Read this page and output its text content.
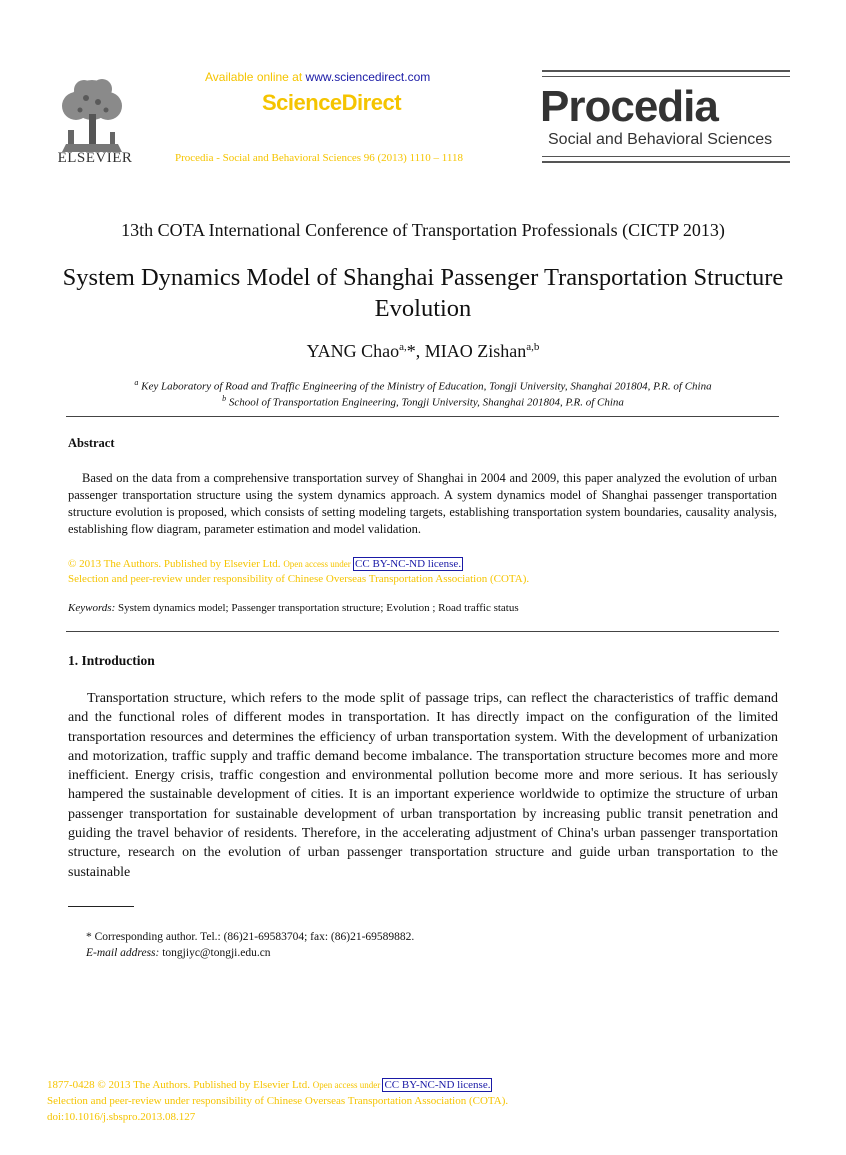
ELSEVIER
Available online at www.sciencedirect.com
ScienceDirect
Procedia - Social and Behavioral Sciences 96 (2013) 1110 – 1118
Procedia
Social and Behavioral Sciences
13th COTA International Conference of Transportation Professionals (CICTP 2013)
System Dynamics Model of Shanghai Passenger Transportation Structure Evolution
YANG Chao$^{a,}$*, MIAO Zishan$^{a,b}$
$^a$ Key Laboratory of Road and Traffic Engineering of the Ministry of Education, Tongji University, Shanghai 201804, P.R. of China
$^b$ School of Transportation Engineering, Tongji University, Shanghai 201804, P.R. of China
Abstract
Based on the data from a comprehensive transportation survey of Shanghai in 2004 and 2009, this paper analyzed the evolution of urban passenger transportation structure using the system dynamics approach. A system dynamics model of Shanghai passenger transportation structure evolution is proposed, which consists of setting modeling targets, establishing transportation system boundaries, causality analysis, establishing flow diagram, parameter estimation and model validation.
© 2013 The Authors. Published by Elsevier Ltd. Open access under CC BY-NC-ND license.
Selection and peer-review under responsibility of Chinese Overseas Transportation Association (COTA).
Keywords: System dynamics model; Passenger transportation structure; Evolution ; Road traffic status
1. Introduction
Transportation structure, which refers to the mode split of passage trips, can reflect the characteristics of traffic demand and the functional roles of different modes in transportation. It has directly impact on the configuration of the limited transportation resources and determines the efficiency of urban transportation system. With the development of urbanization and motorization, traffic supply and traffic demand become imbalance. The transportation structure becomes more and more inefficient. Energy crisis, traffic congestion and environmental pollution become more and more serious. It has seriously hampered the sustainable development of cities. It is an important experience worldwide to optimize the structure of urban passenger transportation for sustainable development of urban transportation by increasing public transit penetration and guiding the travel behavior of residents. Therefore, in the accelerating adjustment of China's urban passenger transportation structure, research on the evolution of urban passenger transportation structure and guide urban transportation to the sustainable
* Corresponding author. Tel.: (86)21-69583704; fax: (86)21-69589882.
E-mail address: tongjiyc@tongji.edu.cn
1877-0428 © 2013 The Authors. Published by Elsevier Ltd. Open access under CC BY-NC-ND license.
Selection and peer-review under responsibility of Chinese Overseas Transportation Association (COTA).
doi:10.1016/j.sbspro.2013.08.127
